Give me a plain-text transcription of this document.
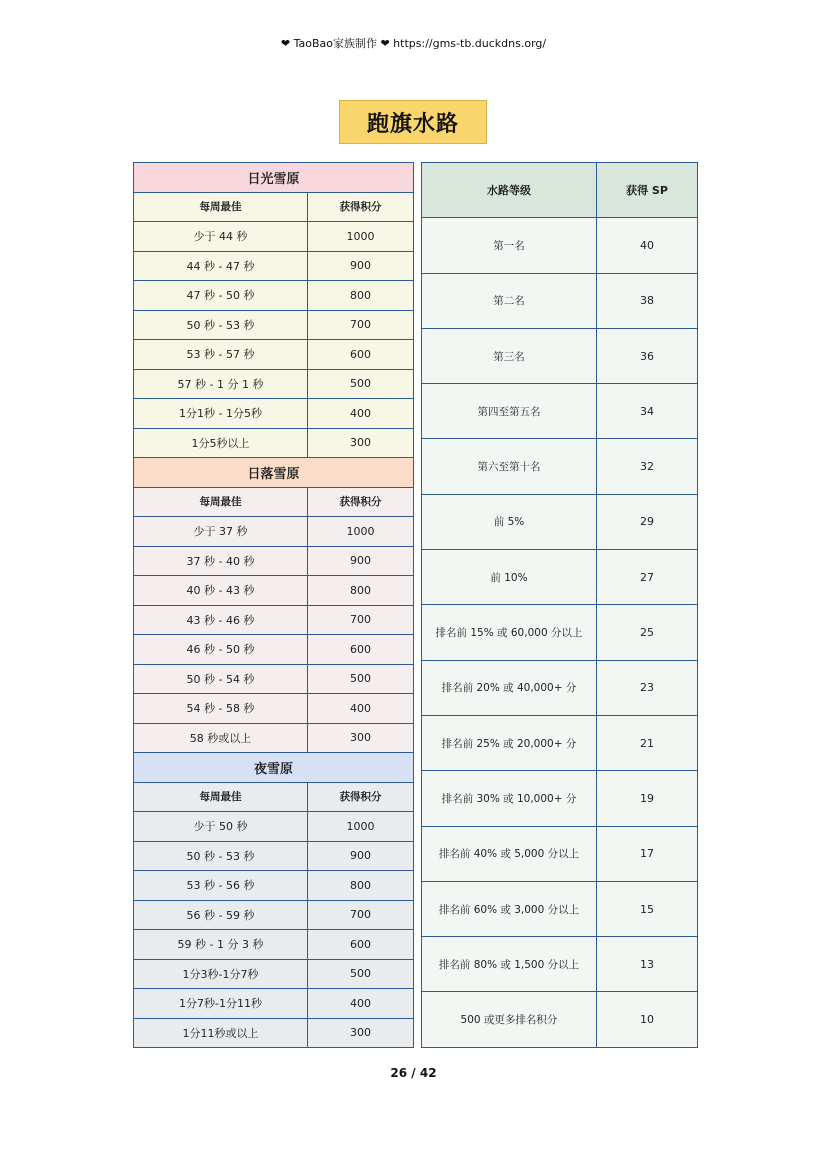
❤ TaoBao家族制作 ❤ https://gms-tb.duckdns.org/
跑旗水路
日光雪原
每周最佳	获得积分
少于 44 秒	1000
44 秒 - 47 秒	900
47 秒 - 50 秒	800
50 秒 - 53 秒	700
53 秒 - 57 秒	600
57 秒 - 1 分 1 秒	500
1分1秒 - 1分5秒	400
1分5秒以上	300
日落雪原
每周最佳	获得积分
少于 37 秒	1000
37 秒 - 40 秒	900
40 秒 - 43 秒	800
43 秒 - 46 秒	700
46 秒 - 50 秒	600
50 秒 - 54 秒	500
54 秒 - 58 秒	400
58 秒或以上	300
夜雪原
每周最佳	获得积分
少于 50 秒	1000
50 秒 - 53 秒	900
53 秒 - 56 秒	800
56 秒 - 59 秒	700
59 秒 - 1 分 3 秒	600
1分3秒-1分7秒	500
1分7秒-1分11秒	400
1分11秒或以上	300
水路等级	获得 SP
第一名	40
第二名	38
第三名	36
第四至第五名	34
第六至第十名	32
前 5%	29
前 10%	27
排名前 15% 或 60,000 分以上	25
排名前 20% 或 40,000+ 分	23
排名前 25% 或 20,000+ 分	21
排名前 30% 或 10,000+ 分	19
排名前 40% 或 5,000 分以上	17
排名前 60% 或 3,000 分以上	15
排名前 80% 或 1,500 分以上	13
500 或更多排名积分	10
26 / 42
